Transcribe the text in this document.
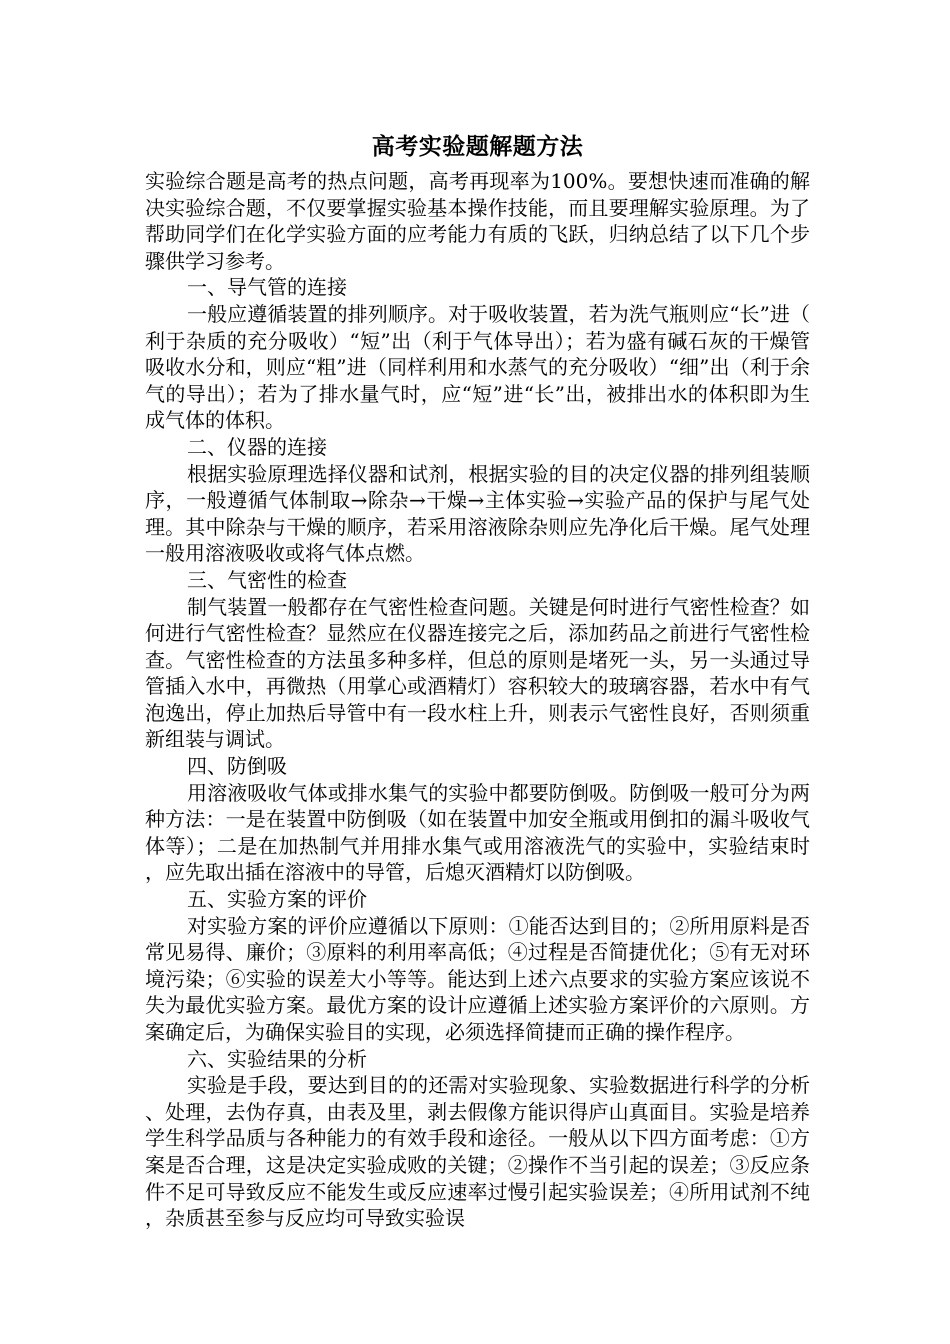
高考实验题解题方法

实验综合题是高考的热点问题，高考再现率为100%。要想快速而准确的解决实验综合题，不仅要掌握实验基本操作技能，而且要理解实验原理。为了帮助同学们在化学实验方面的应考能力有质的飞跃，归纳总结了以下几个步骤供学习参考。

一、导气管的连接

一般应遵循装置的排列顺序。对于吸收装置，若为洗气瓶则应“长”进（利于杂质的充分吸收）“短”出（利于气体导出）；若为盛有碱石灰的干燥管吸收水分和，则应“粗”进（同样利用和水蒸气的充分吸收）“细”出（利于余气的导出）；若为了排水量气时，应“短”进“长”出，被排出水的体积即为生成气体的体积。

二、仪器的连接

根据实验原理选择仪器和试剂，根据实验的目的决定仪器的排列组装顺序，一般遵循气体制取→除杂→干燥→主体实验→实验产品的保护与尾气处理。其中除杂与干燥的顺序，若采用溶液除杂则应先净化后干燥。尾气处理一般用溶液吸收或将气体点燃。

三、气密性的检查

制气装置一般都存在气密性检查问题。关键是何时进行气密性检查？如何进行气密性检查？显然应在仪器连接完之后，添加药品之前进行气密性检查。气密性检查的方法虽多种多样，但总的原则是堵死一头，另一头通过导管插入水中，再微热（用掌心或酒精灯）容积较大的玻璃容器，若水中有气泡逸出，停止加热后导管中有一段水柱上升，则表示气密性良好，否则须重新组装与调试。

四、防倒吸

用溶液吸收气体或排水集气的实验中都要防倒吸。防倒吸一般可分为两种方法：一是在装置中防倒吸（如在装置中加安全瓶或用倒扣的漏斗吸收气体等）；二是在加热制气并用排水集气或用溶液洗气的实验中，实验结束时，应先取出插在溶液中的导管，后熄灭酒精灯以防倒吸。

五、实验方案的评价

对实验方案的评价应遵循以下原则：①能否达到目的；②所用原料是否常见易得、廉价；③原料的利用率高低；④过程是否简捷优化；⑤有无对环境污染；⑥实验的误差大小等等。能达到上述六点要求的实验方案应该说不失为最优实验方案。最优方案的设计应遵循上述实验方案评价的六原则。方案确定后，为确保实验目的实现，必须选择简捷而正确的操作程序。

六、实验结果的分析

实验是手段，要达到目的的还需对实验现象、实验数据进行科学的分析、处理，去伪存真，由表及里，剥去假像方能识得庐山真面目。实验是培养学生科学品质与各种能力的有效手段和途径。一般从以下四方面考虑：①方案是否合理，这是决定实验成败的关键；②操作不当引起的误差；③反应条件不足可导致反应不能发生或反应速率过慢引起实验误差；④所用试剂不纯，杂质甚至参与反应均可导致实验误
